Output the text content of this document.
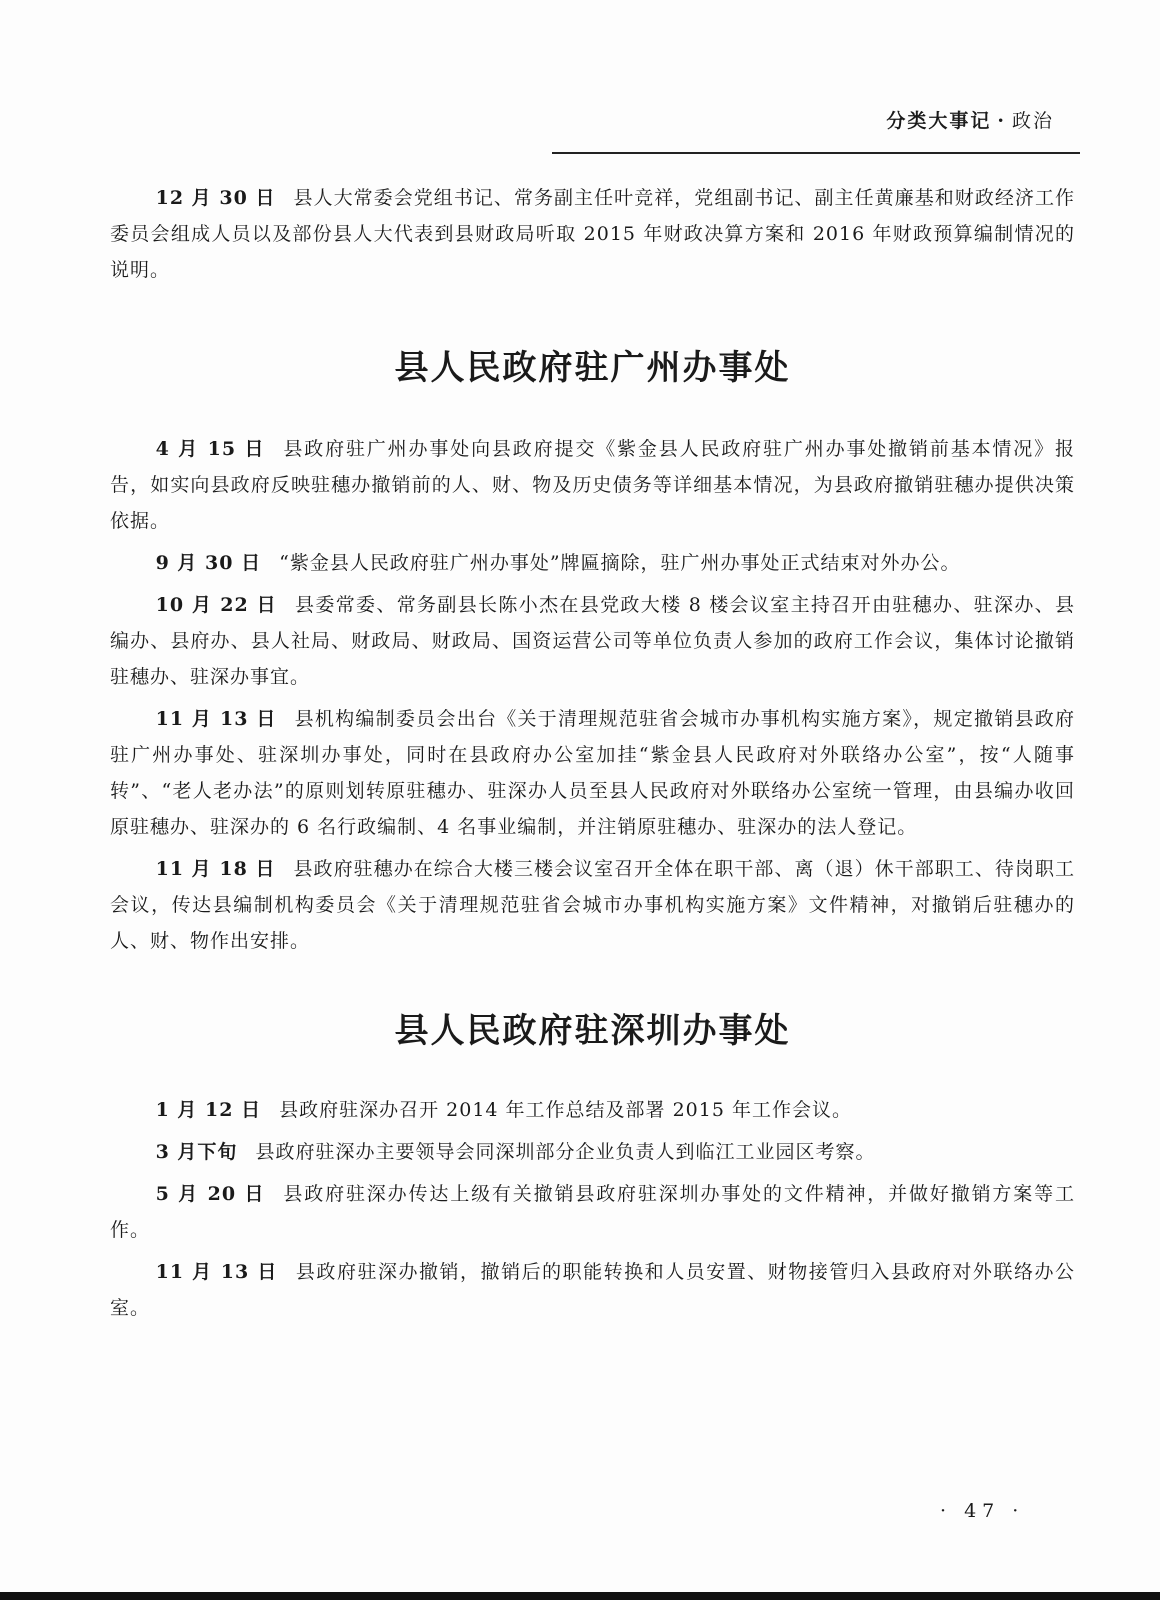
分类大事记 · 政治

12 月 30 日 县人大常委会党组书记、常务副主任叶竞祥，党组副书记、副主任黄廉基和财政经济工作委员会组成人员以及部份县人大代表到县财政局听取 2015 年财政决算方案和 2016 年财政预算编制情况的说明。

县人民政府驻广州办事处

4 月 15 日 县政府驻广州办事处向县政府提交《紫金县人民政府驻广州办事处撤销前基本情况》报告，如实向县政府反映驻穗办撤销前的人、财、物及历史债务等详细基本情况，为县政府撤销驻穗办提供决策依据。

9 月 30 日 “紫金县人民政府驻广州办事处”牌匾摘除，驻广州办事处正式结束对外办公。

10 月 22 日 县委常委、常务副县长陈小杰在县党政大楼 8 楼会议室主持召开由驻穗办、驻深办、县编办、县府办、县人社局、财政局、财政局、国资运营公司等单位负责人参加的政府工作会议，集体讨论撤销驻穗办、驻深办事宜。

11 月 13 日 县机构编制委员会出台《关于清理规范驻省会城市办事机构实施方案》，规定撤销县政府驻广州办事处、驻深圳办事处，同时在县政府办公室加挂“紫金县人民政府对外联络办公室”，按“人随事转”、“老人老办法”的原则划转原驻穗办、驻深办人员至县人民政府对外联络办公室统一管理，由县编办收回原驻穗办、驻深办的 6 名行政编制、4 名事业编制，并注销原驻穗办、驻深办的法人登记。

11 月 18 日 县政府驻穗办在综合大楼三楼会议室召开全体在职干部、离（退）休干部职工、待岗职工会议，传达县编制机构委员会《关于清理规范驻省会城市办事机构实施方案》文件精神，对撤销后驻穗办的人、财、物作出安排。

县人民政府驻深圳办事处

1 月 12 日 县政府驻深办召开 2014 年工作总结及部署 2015 年工作会议。

3 月下旬 县政府驻深办主要领导会同深圳部分企业负责人到临江工业园区考察。

5 月 20 日 县政府驻深办传达上级有关撤销县政府驻深圳办事处的文件精神，并做好撤销方案等工作。

11 月 13 日 县政府驻深办撤销，撤销后的职能转换和人员安置、财物接管归入县政府对外联络办公室。

· 47 ·
